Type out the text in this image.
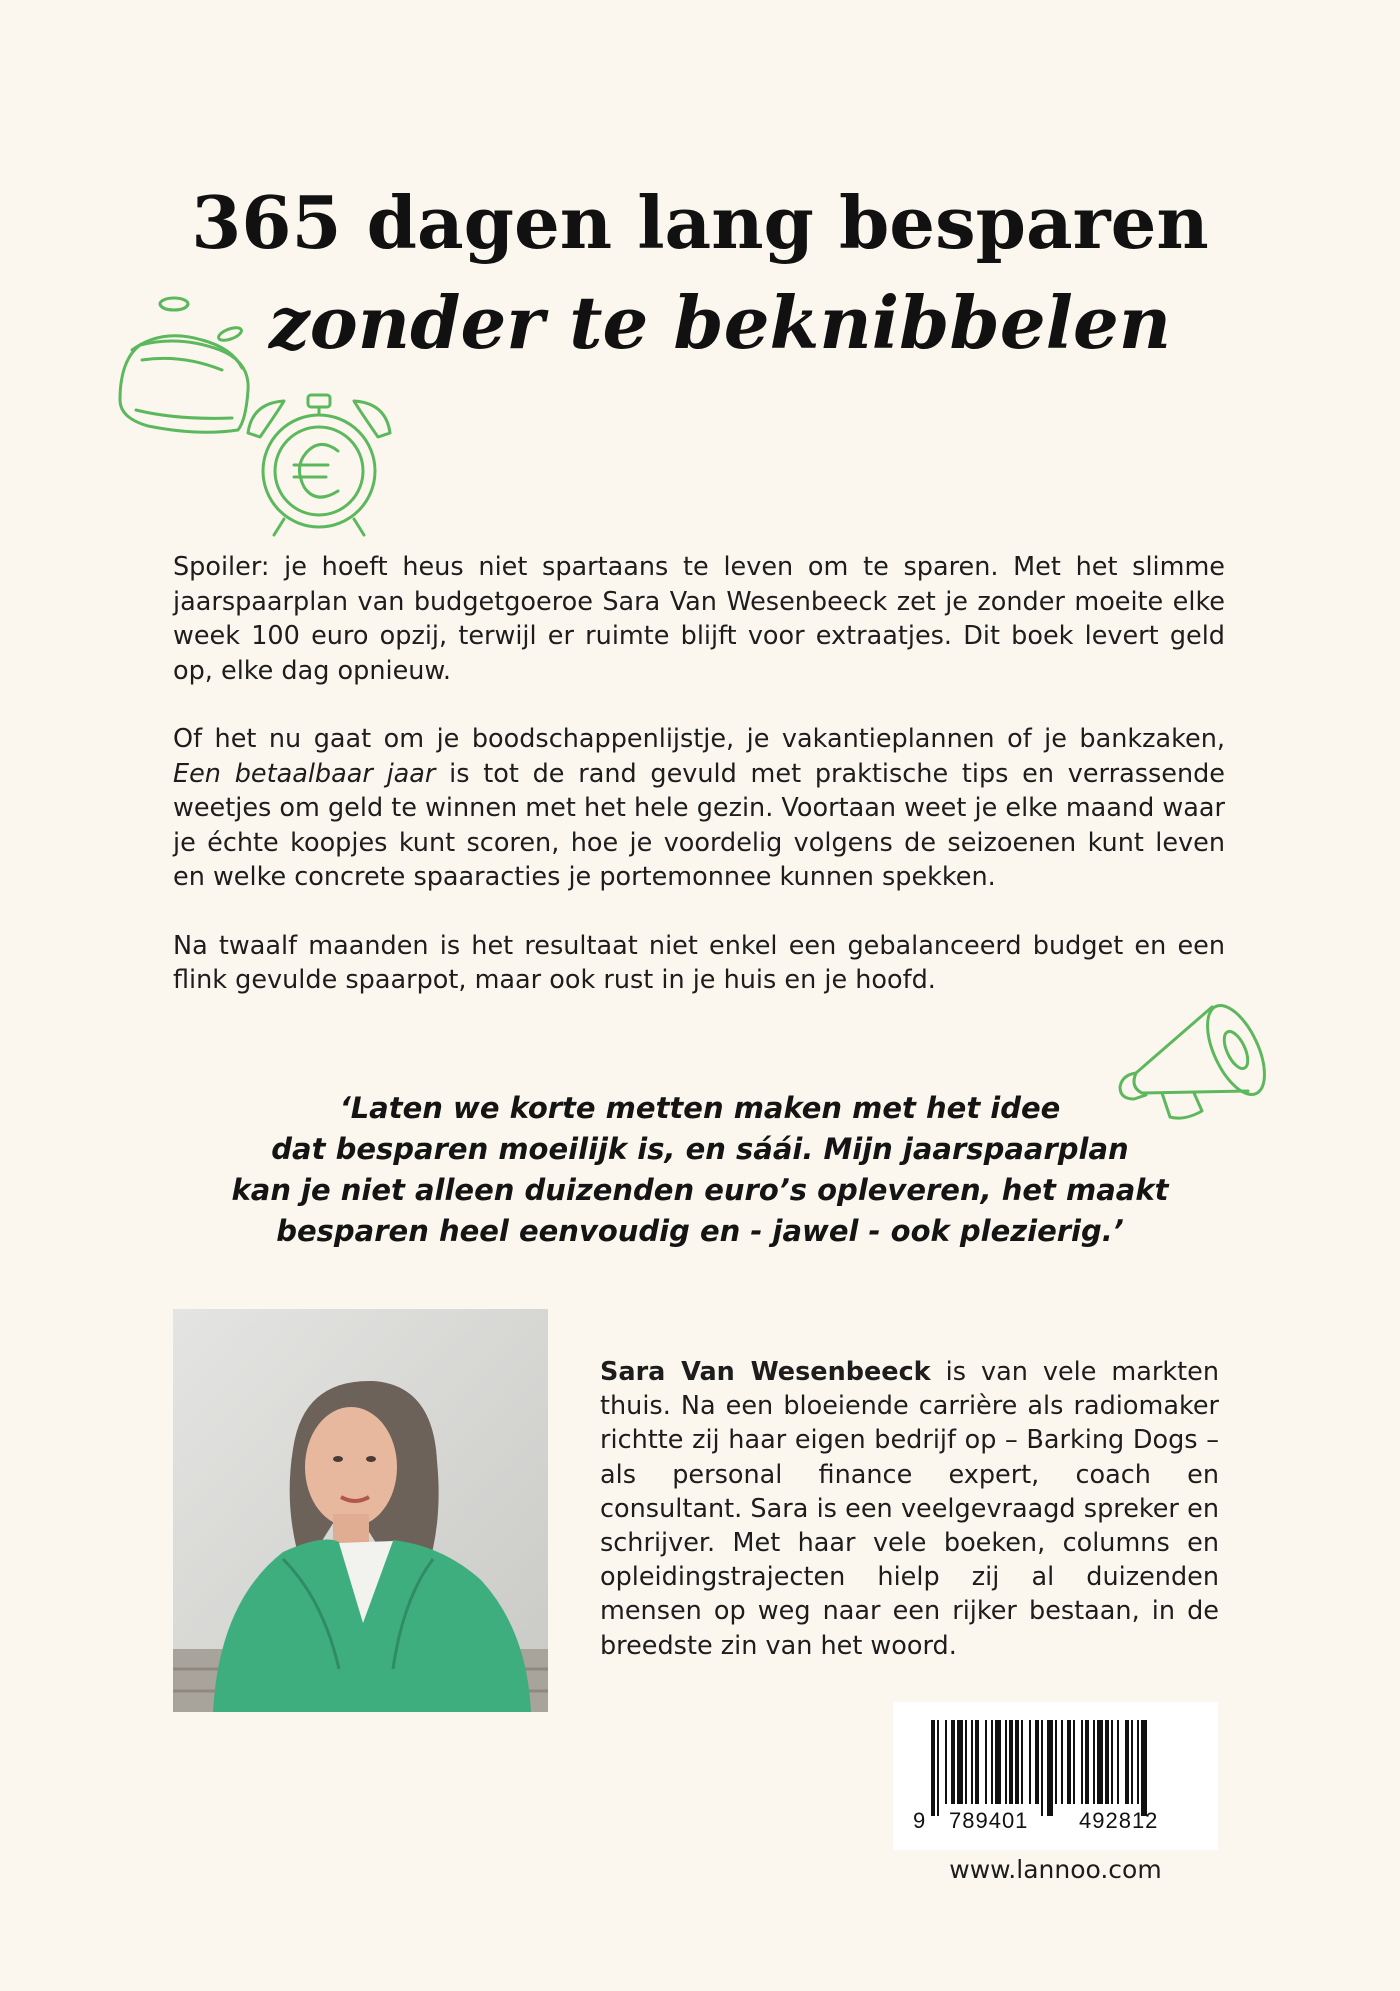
365 dagen lang besparen
zonder te beknibbelen

Spoiler: je hoeft heus niet spartaans te leven om te sparen. Met het slimme jaarspaarplan van budgetgoeroe Sara Van Wesenbeeck zet je zonder moeite elke week 100 euro opzij, terwijl er ruimte blijft voor extraatjes. Dit boek levert geld op, elke dag opnieuw.

Of het nu gaat om je boodschappenlijstje, je vakantieplannen of je bankzaken, Een betaalbaar jaar is tot de rand gevuld met praktische tips en verrassende weetjes om geld te winnen met het hele gezin. Voortaan weet je elke maand waar je échte koopjes kunt scoren, hoe je voordelig volgens de seizoenen kunt leven en welke concrete spaaracties je portemonnee kunnen spekken.

Na twaalf maanden is het resultaat niet enkel een gebalanceerd budget en een flink gevulde spaarpot, maar ook rust in je huis en je hoofd.

‘Laten we korte metten maken met het idee
dat besparen moeilijk is, en sáái. Mijn jaarspaarplan
kan je niet alleen duizenden euro’s opleveren, het maakt
besparen heel eenvoudig en - jawel - ook plezierig.’
Sara Van Wesenbeeck is van vele markten thuis. Na een bloeiende carrière als radiomaker richtte zij haar eigen bedrijf op – Barking Dogs – als personal finance expert, coach en consultant. Sara is een veelgevraagd spreker en schrijver. Met haar vele boeken, columns en opleidingstrajecten hielp zij al duizenden mensen op weg naar een rijker bestaan, in de breedste zin van het woord.
9 789401 492812
www.lannoo.com
